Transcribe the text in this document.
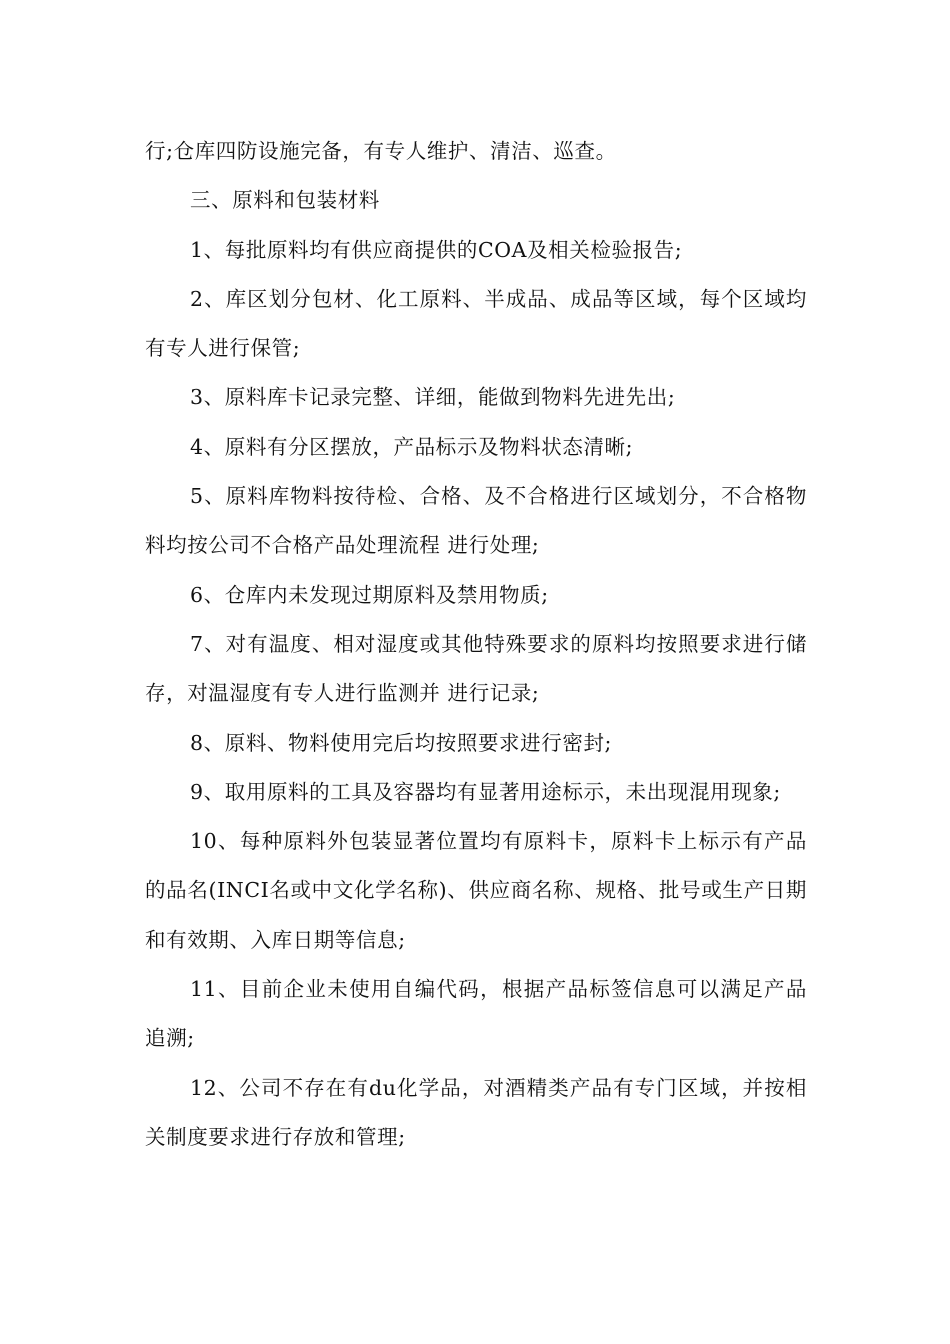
行;仓库四防设施完备，有专人维护、清洁、巡查。

三、原料和包装材料

1、每批原料均有供应商提供的COA及相关检验报告;

2、库区划分包材、化工原料、半成品、成品等区域，每个区域均有专人进行保管;

3、原料库卡记录完整、详细，能做到物料先进先出;

4、原料有分区摆放，产品标示及物料状态清晰;

5、原料库物料按待检、合格、及不合格进行区域划分，不合格物料均按公司不合格产品处理流程 进行处理;

6、仓库内未发现过期原料及禁用物质;

7、对有温度、相对湿度或其他特殊要求的原料均按照要求进行储存，对温湿度有专人进行监测并 进行记录;

8、原料、物料使用完后均按照要求进行密封;

9、取用原料的工具及容器均有显著用途标示，未出现混用现象;

10、每种原料外包装显著位置均有原料卡，原料卡上标示有产品的品名(INCI名或中文化学名称)、供应商名称、规格、批号或生产日期和有效期、入库日期等信息;

11、目前企业未使用自编代码，根据产品标签信息可以满足产品追溯;

12、公司不存在有du化学品，对酒精类产品有专门区域，并按相关制度要求进行存放和管理;
